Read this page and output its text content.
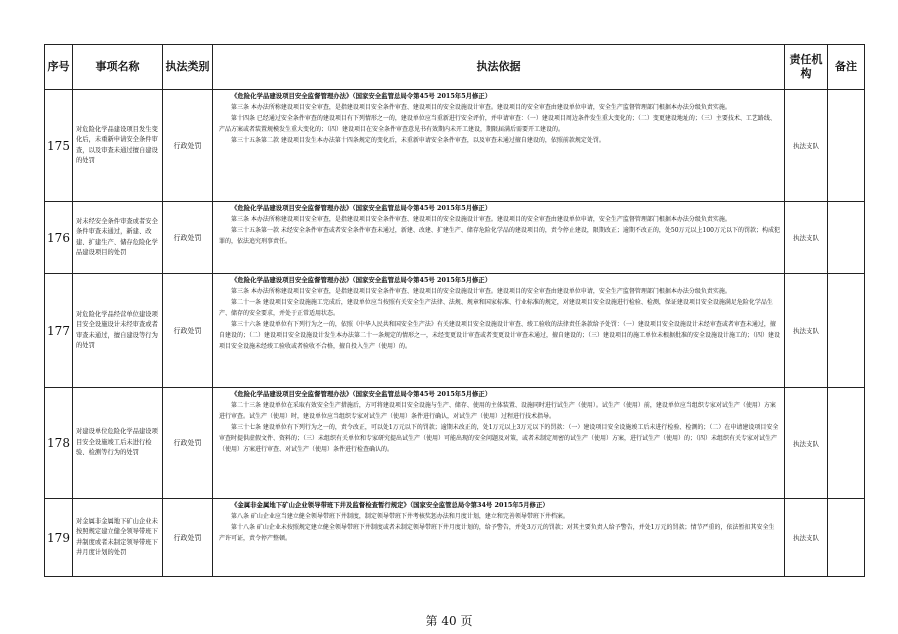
序号	事项名称	执法类别	执法依据	责任机构	备注
175	对危险化学品建设项目发生变化后，未重新申请安全条件审查，以及审查未通过擅自建设的处罚	行政处罚	《危险化学品建设项目安全监督管理办法》（国家安全监管总局令第45号 2015年5月修正）
第三条 本办法所称建设项目安全审查，是指建设项目安全条件审查、建设项目的安全设施设计审查。建设项目的安全审查由建设单位申请，安全生产监督管理部门根据本办法分级负责实施。
第十四条 已经通过安全条件审查的建设项目有下列情形之一的，建设单位应当重新进行安全评价，并申请审查：（一）建设项目周边条件发生重大变化的；（二）变更建设地址的；（三）主要技术、工艺路线、产品方案或者装置规模发生重大变化的；（四）建设项目在安全条件审查意见书有效期内未开工建设，期限届满后需要开工建设的。
第三十五条第二款 建设项目发生本办法第十四条规定的变化后，未重新申请安全条件审查，以及审查未通过擅自建设的，依照前款规定处罚。	执法支队	
176	对未经安全条件审查或者安全条件审查未通过，新建、改建、扩建生产、储存危险化学品建设项目的处罚	行政处罚	《危险化学品建设项目安全监督管理办法》（国家安全监管总局令第45号 2015年5月修正）
第三条 本办法所称建设项目安全审查，是指建设项目安全条件审查、建设项目的安全设施设计审查。建设项目的安全审查由建设单位申请，安全生产监督管理部门根据本办法分级负责实施。
第三十五条第一款 未经安全条件审查或者安全条件审查未通过，新建、改建、扩建生产、储存危险化学品的建设项目的，责令停止建设，限期改正；逾期不改正的，处50万元以上100万元以下的罚款；构成犯罪的，依法追究刑事责任。	执法支队	
177	对危险化学品经营单位建设项目安全设施设计未经审查或者审查未通过，擅自建设等行为的处罚	行政处罚	《危险化学品建设项目安全监督管理办法》（国家安全监管总局令第45号 2015年5月修正）
第三条 本办法所称建设项目安全审查，是指建设项目安全条件审查、建设项目的安全设施设计审查。建设项目的安全审查由建设单位申请，安全生产监督管理部门根据本办法分级负责实施。
第二十一条 建设项目安全设施施工完成后，建设单位应当按照有关安全生产法律、法规、规章和国家标准、行业标准的规定，对建设项目安全设施进行检验、检测，保证建设项目安全设施满足危险化学品生产、储存的安全要求，并处于正常适用状态。
第三十六条 建设单位有下列行为之一的，依照《中华人民共和国安全生产法》有关建设项目安全设施设计审查、竣工验收的法律责任条款给予处罚：（一）建设项目安全设施设计未经审查或者审查未通过，擅自建设的；（二）建设项目安全设施设计发生本办法第二十一条规定的情形之一，未经变更设计审查或者变更设计审查未通过，擅自建设的；（三）建设项目的施工单位未根据批准的安全设施设计施工的；（四）建设项目安全设施未经竣工验收或者验收不合格，擅自投入生产（使用）的。	执法支队	
178	对建设单位危险化学品建设项目安全设施竣工后未进行检验、检测等行为的处罚	行政处罚	《危险化学品建设项目安全监督管理办法》（国家安全监管总局令第45号 2015年5月修正）
第二十三条 建设单位在采取有效安全生产措施后，方可将建设项目安全设施与生产、储存、使用的主体装置、设施同时进行试生产（使用）。试生产（使用）前，建设单位应当组织专家对试生产（使用）方案进行审查。试生产（使用）时，建设单位应当组织专家对试生产（使用）条件进行确认，对试生产（使用）过程进行技术指导。
第三十七条 建设单位有下列行为之一的，责令改正，可以处1万元以下的罚款；逾期未改正的，处1万元以上3万元以下的罚款：（一）建设项目安全设施竣工后未进行检验、检测的；（二）在申请建设项目安全审查时提供虚假文件、资料的；（三）未组织有关单位和专家研究提出试生产（使用）可能出现的安全问题及对策，或者未制定周密的试生产（使用）方案，进行试生产（使用）的；（四）未组织有关专家对试生产（使用）方案进行审查、对试生产（使用）条件进行检查确认的。	执法支队	
179	对金属非金属地下矿山企业未按照规定建立健全领导带班下井制度或者未制定领导带班下井月度计划的处罚	行政处罚	《金属非金属地下矿山企业领导带班下井及监督检查暂行规定》（国家安全监管总局令第34号 2015年5月修正）
第八条 矿山企业应当建立健全领导带班下井制度，制定领导带班下井考核奖惩办法和月度计划，建立和完善领导带班下井档案。
第十八条 矿山企业未按照规定建立健全领导带班下井制度或者未制定领导带班下井月度计划的，给予警告，并处3万元的罚款；对其主要负责人给予警告，并处1万元的罚款；情节严重的，依法暂扣其安全生产许可证，责令停产整顿。	执法支队	
第 40 页
